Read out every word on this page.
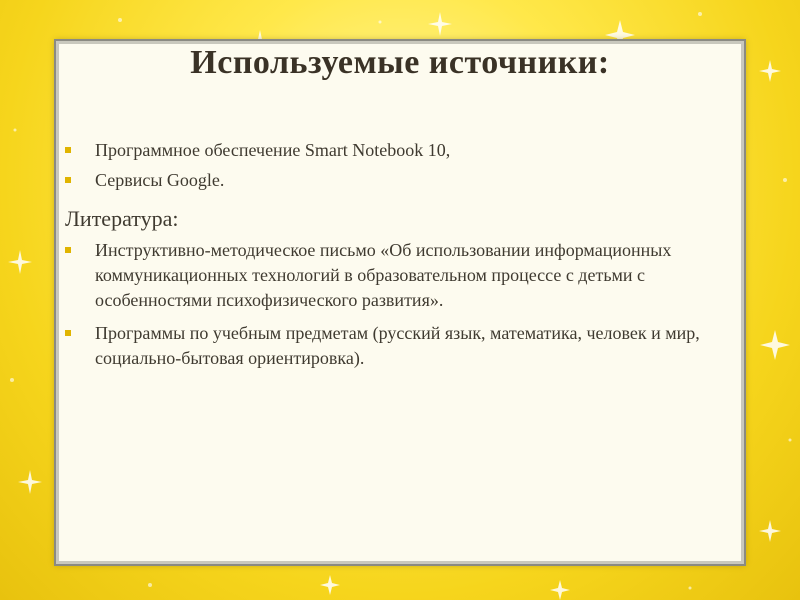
Используемые источники:
Программное обеспечение Smart Notebook 10,
Сервисы Google.
Литература:
Инструктивно-методическое письмо «Об использовании информационных коммуникационных технологий в образовательном процессе с детьми с особенностями психофизического развития».
Программы по учебным предметам (русский язык, математика, человек и мир, социально-бытовая ориентировка).
